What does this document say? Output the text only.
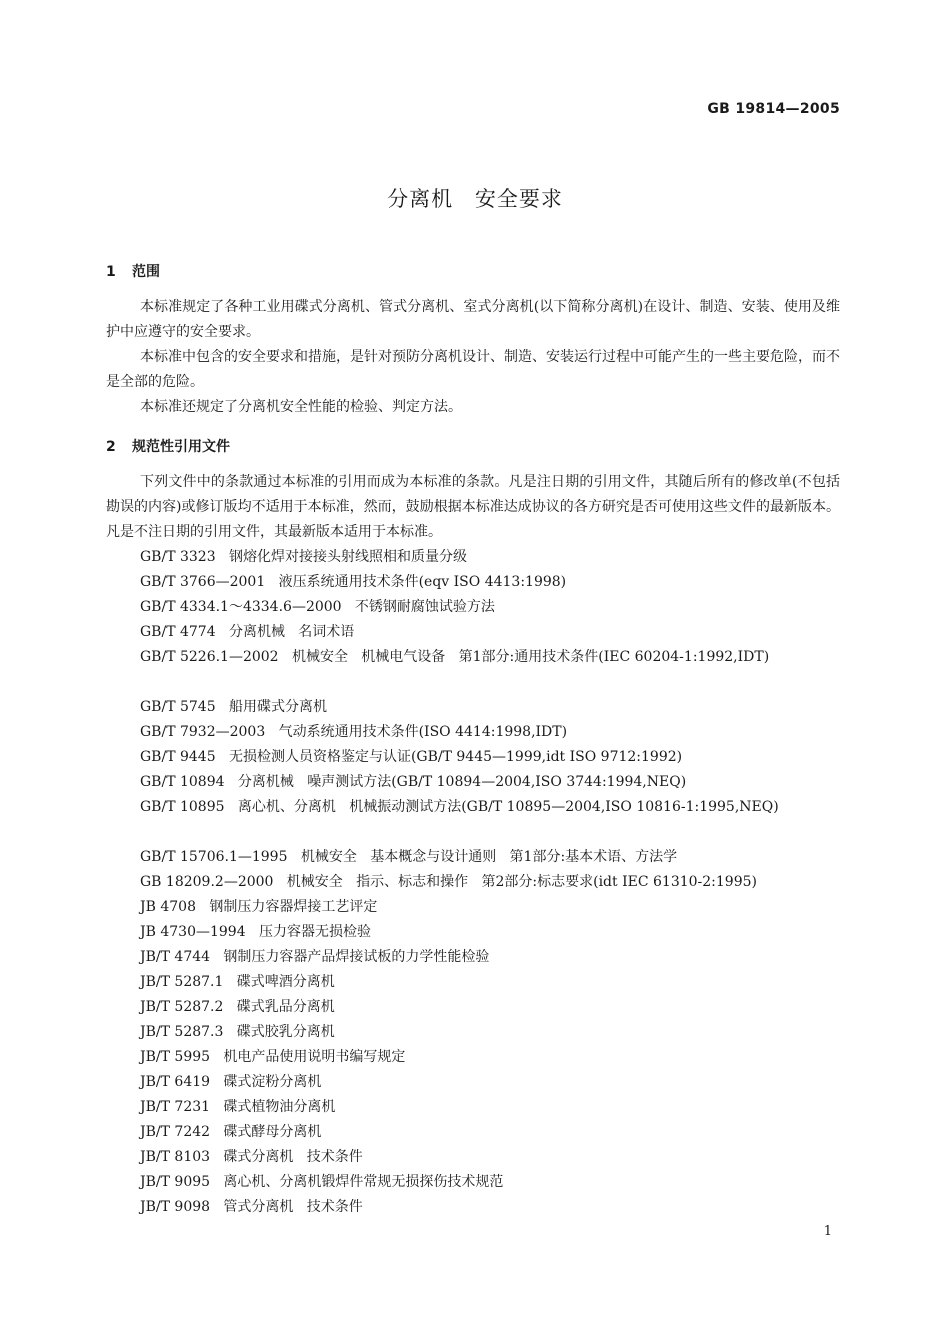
GB 19814—2005
分离机 安全要求
1 范围

本标准规定了各种工业用碟式分离机、管式分离机、室式分离机(以下简称分离机)在设计、制造、安装、使用及维护中应遵守的安全要求。

本标准中包含的安全要求和措施，是针对预防分离机设计、制造、安装运行过程中可能产生的一些主要危险，而不是全部的危险。

本标准还规定了分离机安全性能的检验、判定方法。

2 规范性引用文件

下列文件中的条款通过本标准的引用而成为本标准的条款。凡是注日期的引用文件，其随后所有的修改单(不包括勘误的内容)或修订版均不适用于本标准，然而，鼓励根据本标准达成协议的各方研究是否可使用这些文件的最新版本。凡是不注日期的引用文件，其最新版本适用于本标准。

GB/T 3323   钢熔化焊对接接头射线照相和质量分级

GB/T 3766—2001   液压系统通用技术条件(eqv ISO 4413:1998)

GB/T 4334.1～4334.6—2000   不锈钢耐腐蚀试验方法

GB/T 4774   分离机械   名词术语

GB/T 5226.1—2002   机械安全   机械电气设备   第1部分:通用技术条件(IEC 60204-1:1992,IDT)

GB/T 5745   船用碟式分离机

GB/T 7932—2003   气动系统通用技术条件(ISO 4414:1998,IDT)

GB/T 9445   无损检测人员资格鉴定与认证(GB/T 9445—1999,idt ISO 9712:1992)

GB/T 10894   分离机械   噪声测试方法(GB/T 10894—2004,ISO 3744:1994,NEQ)

GB/T 10895   离心机、分离机   机械振动测试方法(GB/T 10895—2004,ISO 10816-1:1995,NEQ)

GB/T 15706.1—1995   机械安全   基本概念与设计通则   第1部分:基本术语、方法学

GB 18209.2—2000   机械安全   指示、标志和操作   第2部分:标志要求(idt IEC 61310-2:1995)

JB 4708   钢制压力容器焊接工艺评定

JB 4730—1994   压力容器无损检验

JB/T 4744   钢制压力容器产品焊接试板的力学性能检验

JB/T 5287.1   碟式啤酒分离机

JB/T 5287.2   碟式乳品分离机

JB/T 5287.3   碟式胶乳分离机

JB/T 5995   机电产品使用说明书编写规定

JB/T 6419   碟式淀粉分离机

JB/T 7231   碟式植物油分离机

JB/T 7242   碟式酵母分离机

JB/T 8103   碟式分离机   技术条件

JB/T 9095   离心机、分离机锻焊件常规无损探伤技术规范

JB/T 9098   管式分离机   技术条件

1
